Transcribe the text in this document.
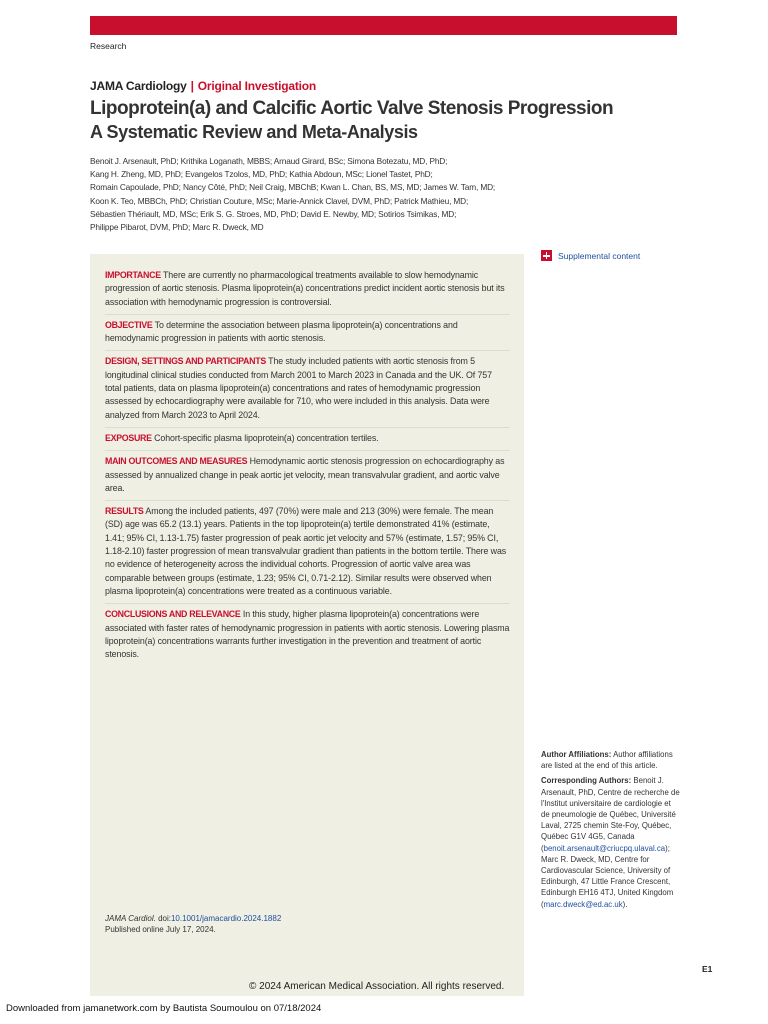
Research
JAMA Cardiology | Original Investigation
Lipoprotein(a) and Calcific Aortic Valve Stenosis Progression
A Systematic Review and Meta-Analysis
Benoit J. Arsenault, PhD; Krithika Loganath, MBBS; Arnaud Girard, BSc; Simona Botezatu, MD, PhD;
Kang H. Zheng, MD, PhD; Evangelos Tzolos, MD, PhD; Kathia Abdoun, MSc; Lionel Tastet, PhD;
Romain Capoulade, PhD; Nancy Côté, PhD; Neil Craig, MBChB; Kwan L. Chan, BS, MS, MD; James W. Tam, MD;
Koon K. Teo, MBBCh, PhD; Christian Couture, MSc; Marie-Annick Clavel, DVM, PhD; Patrick Mathieu, MD;
Sébastien Thériault, MD, MSc; Erik S. G. Stroes, MD, PhD; David E. Newby, MD; Sotirios Tsimikas, MD;
Philippe Pibarot, DVM, PhD; Marc R. Dweck, MD
Supplemental content

IMPORTANCE There are currently no pharmacological treatments available to slow hemodynamic progression of aortic stenosis. Plasma lipoprotein(a) concentrations predict incident aortic stenosis but its association with hemodynamic progression is controversial.

OBJECTIVE To determine the association between plasma lipoprotein(a) concentrations and hemodynamic progression in patients with aortic stenosis.

DESIGN, SETTINGS AND PARTICIPANTS The study included patients with aortic stenosis from 5 longitudinal clinical studies conducted from March 2001 to March 2023 in Canada and the UK. Of 757 total patients, data on plasma lipoprotein(a) concentrations and rates of hemodynamic progression assessed by echocardiography were available for 710, who were included in this analysis. Data were analyzed from March 2023 to April 2024.

EXPOSURE Cohort-specific plasma lipoprotein(a) concentration tertiles.

MAIN OUTCOMES AND MEASURES Hemodynamic aortic stenosis progression on echocardiography as assessed by annualized change in peak aortic jet velocity, mean transvalvular gradient, and aortic valve area.

RESULTS Among the included patients, 497 (70%) were male and 213 (30%) were female. The mean (SD) age was 65.2 (13.1) years. Patients in the top lipoprotein(a) tertile demonstrated 41% (estimate, 1.41; 95% CI, 1.13-1.75) faster progression of peak aortic jet velocity and 57% (estimate, 1.57; 95% CI, 1.18-2.10) faster progression of mean transvalvular gradient than patients in the bottom tertile. There was no evidence of heterogeneity across the individual cohorts. Progression of aortic valve area was comparable between groups (estimate, 1.23; 95% CI, 0.71-2.12). Similar results were observed when plasma lipoprotein(a) concentrations were treated as a continuous variable.

CONCLUSIONS AND RELEVANCE In this study, higher plasma lipoprotein(a) concentrations were associated with faster rates of hemodynamic progression in patients with aortic stenosis. Lowering plasma lipoprotein(a) concentrations warrants further investigation in the prevention and treatment of aortic stenosis.

JAMA Cardiol. doi:10.1001/jamacardio.2024.1882
Published online July 17, 2024.

Author Affiliations: Author affiliations are listed at the end of this article.

Corresponding Authors: Benoit J. Arsenault, PhD, Centre de recherche de l'Institut universitaire de cardiologie et de pneumologie de Québec, Université Laval, 2725 chemin Ste-Foy, Québec, Québec G1V 4G5, Canada (benoit.arsenault@criucpq.ulaval.ca); Marc R. Dweck, MD, Centre for Cardiovascular Science, University of Edinburgh, 47 Little France Crescent, Edinburgh EH16 4TJ, United Kingdom (marc.dweck@ed.ac.uk).

E1
© 2024 American Medical Association. All rights reserved.
Downloaded from jamanetwork.com by Bautista Soumoulou on 07/18/2024
